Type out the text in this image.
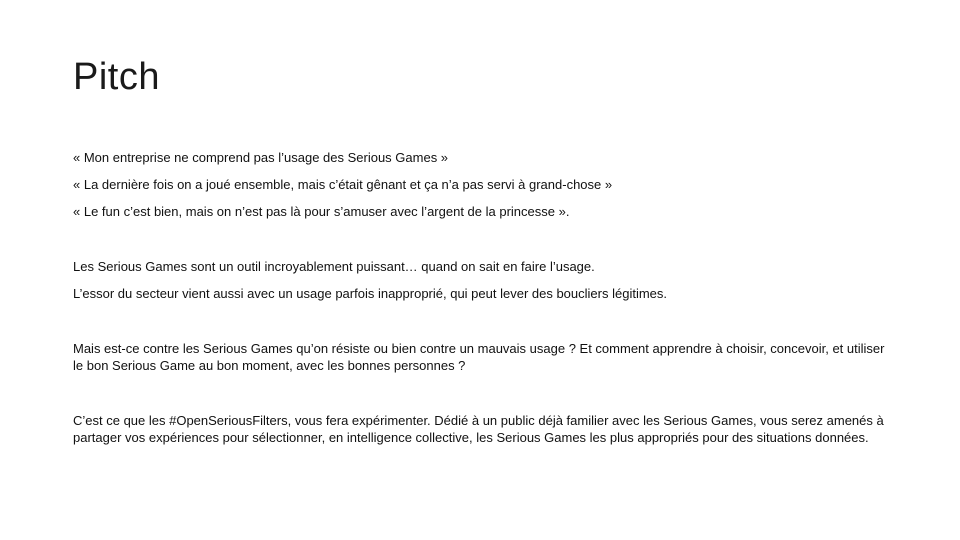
Pitch
« Mon entreprise ne comprend pas l’usage des Serious Games »
« La dernière fois on a joué ensemble, mais c’était gênant et ça n’a pas servi à grand-chose »
« Le fun c’est bien, mais on n’est pas là pour s’amuser avec l’argent de la princesse ».
Les Serious Games sont un outil incroyablement puissant… quand on sait en faire l’usage.
L’essor du secteur vient aussi avec un usage parfois inapproprié, qui peut lever des boucliers légitimes.
Mais est-ce contre les Serious Games qu’on résiste ou bien contre un mauvais usage ? Et comment apprendre à choisir, concevoir, et utiliser le bon Serious Game au bon moment, avec les bonnes personnes ?
C’est ce que les #OpenSeriousFilters, vous fera expérimenter. Dédié à un public déjà familier avec les Serious Games, vous serez amenés à partager vos expériences pour sélectionner, en intelligence collective, les Serious Games les plus appropriés pour des situations données.
